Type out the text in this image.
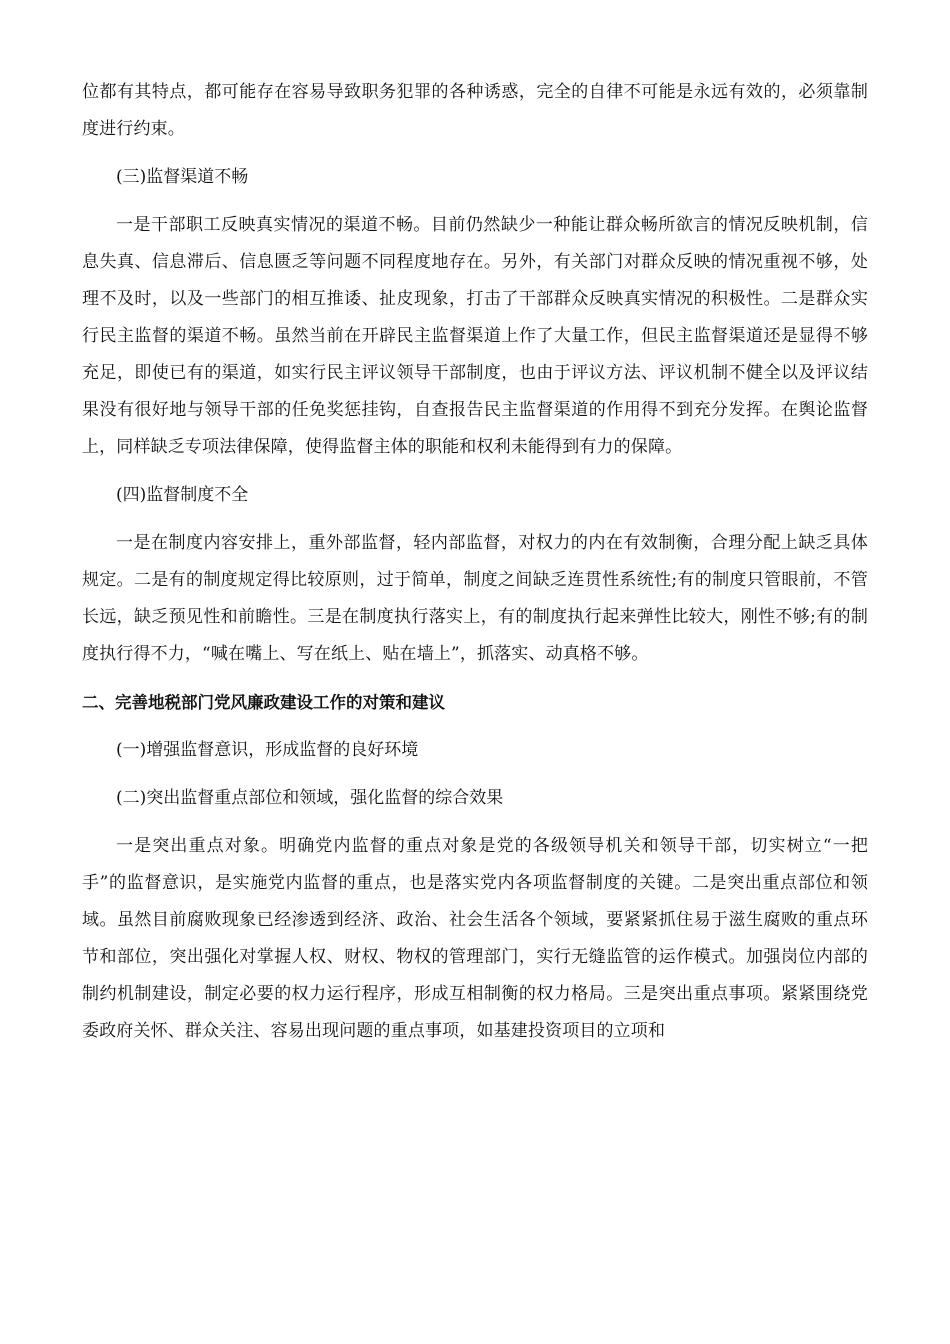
位都有其特点，都可能存在容易导致职务犯罪的各种诱惑，完全的自律不可能是永远有效的，必须靠制度进行约束。

(三)监督渠道不畅

一是干部职工反映真实情况的渠道不畅。目前仍然缺少一种能让群众畅所欲言的情况反映机制，信息失真、信息滞后、信息匮乏等问题不同程度地存在。另外，有关部门对群众反映的情况重视不够，处理不及时，以及一些部门的相互推诿、扯皮现象，打击了干部群众反映真实情况的积极性。二是群众实行民主监督的渠道不畅。虽然当前在开辟民主监督渠道上作了大量工作，但民主监督渠道还是显得不够充足，即使已有的渠道，如实行民主评议领导干部制度，也由于评议方法、评议机制不健全以及评议结果没有很好地与领导干部的任免奖惩挂钩，自查报告民主监督渠道的作用得不到充分发挥。在舆论监督上，同样缺乏专项法律保障，使得监督主体的职能和权利未能得到有力的保障。

(四)监督制度不全

一是在制度内容安排上，重外部监督，轻内部监督，对权力的内在有效制衡，合理分配上缺乏具体规定。二是有的制度规定得比较原则，过于简单，制度之间缺乏连贯性系统性;有的制度只管眼前，不管长远，缺乏预见性和前瞻性。三是在制度执行落实上，有的制度执行起来弹性比较大，刚性不够;有的制度执行得不力，“喊在嘴上、写在纸上、贴在墙上”，抓落实、动真格不够。

二、完善地税部门党风廉政建设工作的对策和建议

(一)增强监督意识，形成监督的良好环境

(二)突出监督重点部位和领域，强化监督的综合效果

一是突出重点对象。明确党内监督的重点对象是党的各级领导机关和领导干部，切实树立“一把手”的监督意识，是实施党内监督的重点，也是落实党内各项监督制度的关键。二是突出重点部位和领域。虽然目前腐败现象已经渗透到经济、政治、社会生活各个领域，要紧紧抓住易于滋生腐败的重点环节和部位，突出强化对掌握人权、财权、物权的管理部门，实行无缝监管的运作模式。加强岗位内部的制约机制建设，制定必要的权力运行程序，形成互相制衡的权力格局。三是突出重点事项。紧紧围绕党委政府关怀、群众关注、容易出现问题的重点事项，如基建投资项目的立项和
